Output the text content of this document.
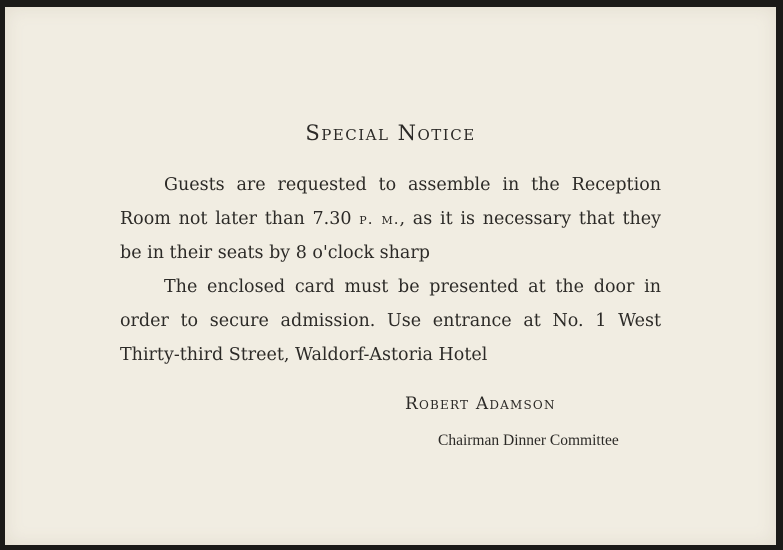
Special Notice

Guests are requested to assemble in the Reception Room not later than 7.30 p. m., as it is necessary that they be in their seats by 8 o'clock sharp

The enclosed card must be presented at the door in order to secure admission. Use entrance at No. 1 West Thirty-third Street, Waldorf-Astoria Hotel

Robert Adamson
Chairman Dinner Committee
